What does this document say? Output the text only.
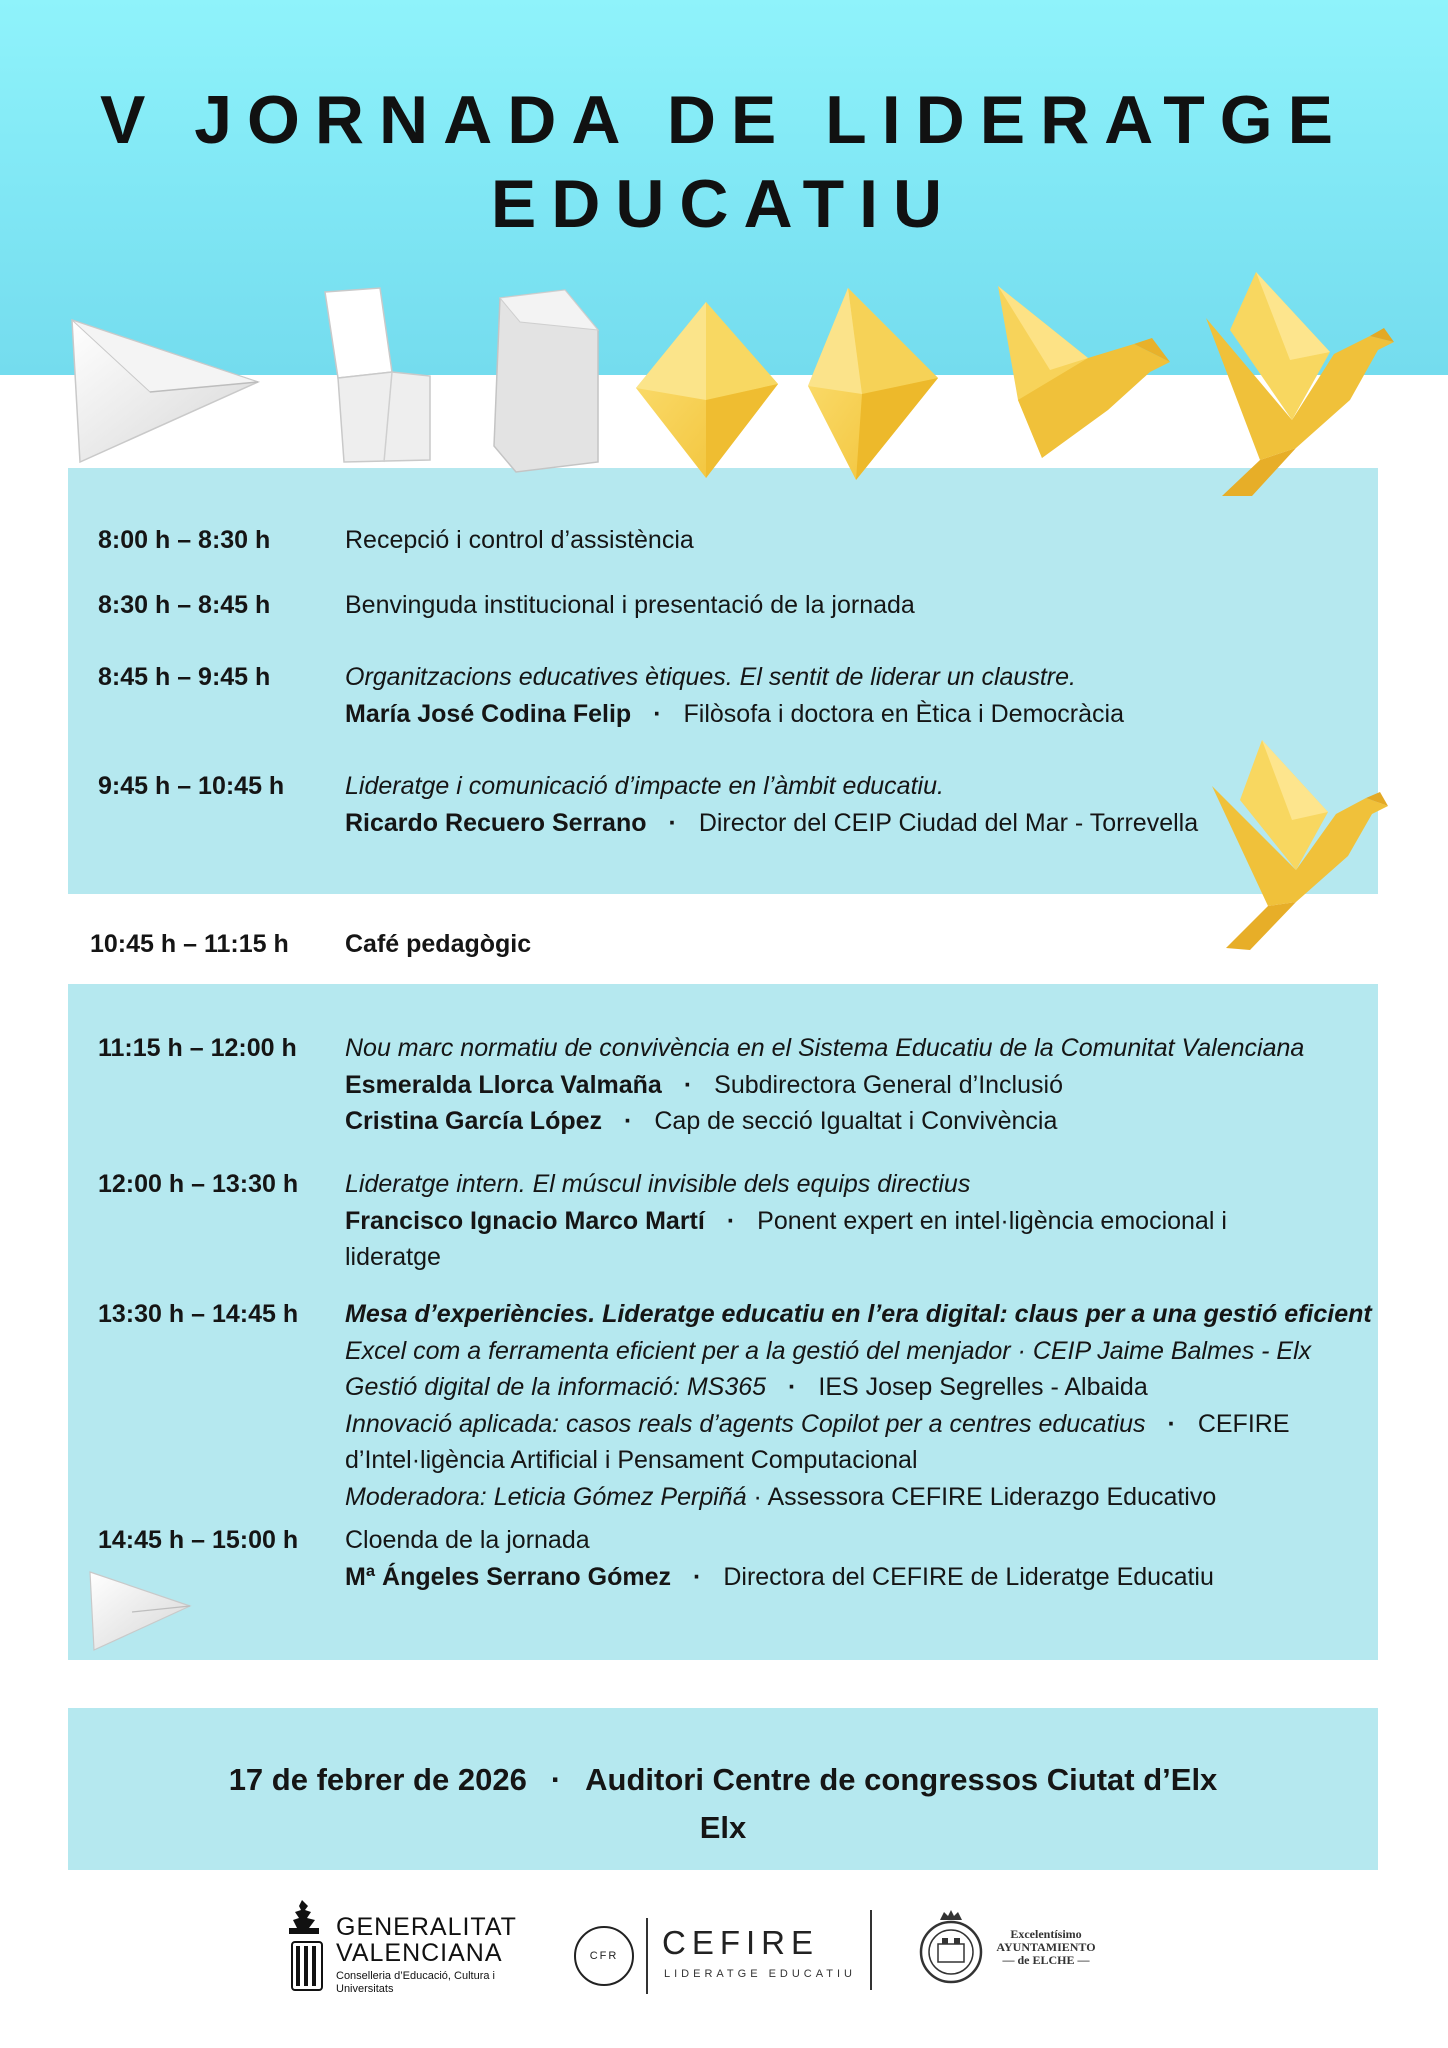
V JORNADA DE LIDERATGE
EDUCATIU
8:00 h – 8:30 h	Recepció i control d’assistència
8:30 h – 8:45 h	Benvinguda institucional i presentació de la jornada
8:45 h – 9:45 h	Organitzacions educatives ètiques. El sentit de liderar un claustre.
María José Codina Felip · Filòsofa i doctora en Ètica i Democràcia
9:45 h – 10:45 h Lideratge i comunicació d’impacte en l’àmbit educatiu.
Ricardo Recuero Serrano · Director del CEIP Ciudad del Mar - Torrevella
10:45 h – 11:15 h Café pedagògic
11:15 h – 12:00 h Nou marc normatiu de convivència en el Sistema Educatiu de la Comunitat Valenciana
Esmeralda Llorca Valmaña · Subdirectora General d’Inclusió
Cristina García López · Cap de secció Igualtat i Convivència
12:00 h – 13:30 h Lideratge intern. El múscul invisible dels equips directius
Francisco Ignacio Marco Martí · Ponent expert en intel·ligència emocional i
lideratge
13:30 h – 14:45 h Mesa d’experiències. Lideratge educatiu en l’era digital: claus per a una gestió eficient
Excel com a ferramenta eficient per a la gestió del menjador · CEIP Jaime Balmes - Elx
Gestió digital de la informació: MS365 · IES Josep Segrelles - Albaida
Innovació aplicada: casos reals d’agents Copilot per a centres educatius · CEFIRE
d’Intel·ligència Artificial i Pensament Computacional
Moderadora: Leticia Gómez Perpiñá · Assessora CEFIRE Liderazgo Educativo
14:45 h – 15:00 h Cloenda de la jornada
Mª Ángeles Serrano Gómez · Directora del CEFIRE de Lideratge Educatiu
17 de febrer de 2026 · Auditori Centre de congressos Ciutat d’Elx
Elx
GENERALITAT
VALENCIANA
Conselleria d’Educació, Cultura i Universitats
CFR	CEFIRE
LIDERATGE EDUCATIU
Excelentísimo
AYUNTAMIENTO
— de ELCHE —
